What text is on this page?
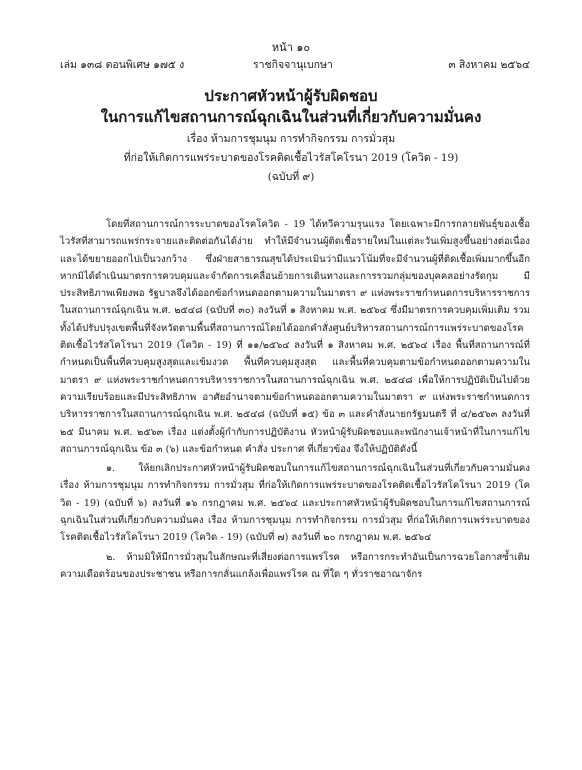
หน้า ๑๐
เล่ม ๑๓๘ ตอนพิเศษ ๑๗๕ ง	ราชกิจจานุเบกษา	๓ สิงหาคม ๒๕๖๔
ประกาศหัวหน้าผู้รับผิดชอบ
ในการแก้ไขสถานการณ์ฉุกเฉินในส่วนที่เกี่ยวกับความมั่นคง
เรื่อง ห้ามการชุมนุม การทำกิจกรรม การมั่วสุม
ที่ก่อให้เกิดการแพร่ระบาดของโรคติดเชื้อไวรัสโคโรนา 2019 (โควิด - 19)
(ฉบับที่ ๙)

โดยที่สถานการณ์การระบาดของโรคโควิด - 19 ได้ทวีความรุนแรง โดยเฉพาะมีการกลายพันธุ์ของเชื้อไวรัสที่สามารถแพร่กระจายและติดต่อกันได้ง่าย ทำให้มีจำนวนผู้ติดเชื้อรายใหม่ในแต่ละวันเพิ่มสูงขึ้นอย่างต่อเนื่องและได้ขยายออกไปเป็นวงกว้าง ซึ่งฝ่ายสาธารณสุขได้ประเมินว่ามีแนวโน้มที่จะมีจำนวนผู้ที่ติดเชื้อเพิ่มมากขึ้นอีก หากมิได้ดำเนินมาตรการควบคุมและจำกัดการเคลื่อนย้ายการเดินทางและการรวมกลุ่มของบุคคลอย่างรัดกุม มีประสิทธิภาพเพียงพอ รัฐบาลจึงได้ออกข้อกำหนดออกตามความในมาตรา ๙ แห่งพระราชกำหนดการบริหารราชการในสถานการณ์ฉุกเฉิน พ.ศ. ๒๕๔๘ (ฉบับที่ ๓๐) ลงวันที่ ๑ สิงหาคม พ.ศ. ๒๕๖๔ ซึ่งมีมาตรการควบคุมเพิ่มเติม รวมทั้งได้ปรับปรุงเขตพื้นที่จังหวัดตามพื้นที่สถานการณ์โดยได้ออกคำสั่งศูนย์บริหารสถานการณ์การแพร่ระบาดของโรคติดเชื้อไวรัสโคโรนา 2019 (โควิด - 19) ที่ ๑๑/๒๕๖๔ ลงวันที่ ๑ สิงหาคม พ.ศ. ๒๕๖๔ เรื่อง พื้นที่สถานการณ์ที่กำหนดเป็นพื้นที่ควบคุมสูงสุดและเข้มงวด พื้นที่ควบคุมสูงสุด และพื้นที่ควบคุมตามข้อกำหนดออกตามความในมาตรา ๙ แห่งพระราชกำหนดการบริหารราชการในสถานการณ์ฉุกเฉิน พ.ศ. ๒๕๔๘ เพื่อให้การปฏิบัติเป็นไปด้วยความเรียบร้อยและมีประสิทธิภาพ อาศัยอำนาจตามข้อกำหนดออกตามความในมาตรา ๙ แห่งพระราชกำหนดการบริหารราชการในสถานการณ์ฉุกเฉิน พ.ศ. ๒๕๔๘ (ฉบับที่ ๑๕) ข้อ ๓ และคำสั่งนายกรัฐมนตรี ที่ ๔/๒๕๖๓ ลงวันที่ ๒๕ มีนาคม พ.ศ. ๒๕๖๓ เรื่อง แต่งตั้งผู้กำกับการปฏิบัติงาน หัวหน้าผู้รับผิดชอบและพนักงานเจ้าหน้าที่ในการแก้ไขสถานการณ์ฉุกเฉิน ข้อ ๓ (๖) และข้อกำหนด คำสั่ง ประกาศ ที่เกี่ยวข้อง จึงให้ปฏิบัติดังนี้

๑. ให้ยกเลิกประกาศหัวหน้าผู้รับผิดชอบในการแก้ไขสถานการณ์ฉุกเฉินในส่วนที่เกี่ยวกับความมั่นคง เรื่อง ห้ามการชุมนุม การทำกิจกรรม การมั่วสุม ที่ก่อให้เกิดการแพร่ระบาดของโรคติดเชื้อไวรัสโคโรนา 2019 (โควิด - 19) (ฉบับที่ ๖) ลงวันที่ ๑๖ กรกฎาคม พ.ศ. ๒๕๖๔ และประกาศหัวหน้าผู้รับผิดชอบในการแก้ไขสถานการณ์ฉุกเฉินในส่วนที่เกี่ยวกับความมั่นคง เรื่อง ห้ามการชุมนุม การทำกิจกรรม การมั่วสุม ที่ก่อให้เกิดการแพร่ระบาดของโรคติดเชื้อไวรัสโคโรนา 2019 (โควิด - 19) (ฉบับที่ ๗) ลงวันที่ ๒๐ กรกฎาคม พ.ศ. ๒๕๖๔

๒. ห้ามมิให้มีการมั่วสุมในลักษณะที่เสี่ยงต่อการแพร่โรค หรือการกระทำอันเป็นการฉวยโอกาสซ้ำเติมความเดือดร้อนของประชาชน หรือการกลั่นแกล้งเพื่อแพร่โรค ณ ที่ใด ๆ ทั่วราชอาณาจักร
